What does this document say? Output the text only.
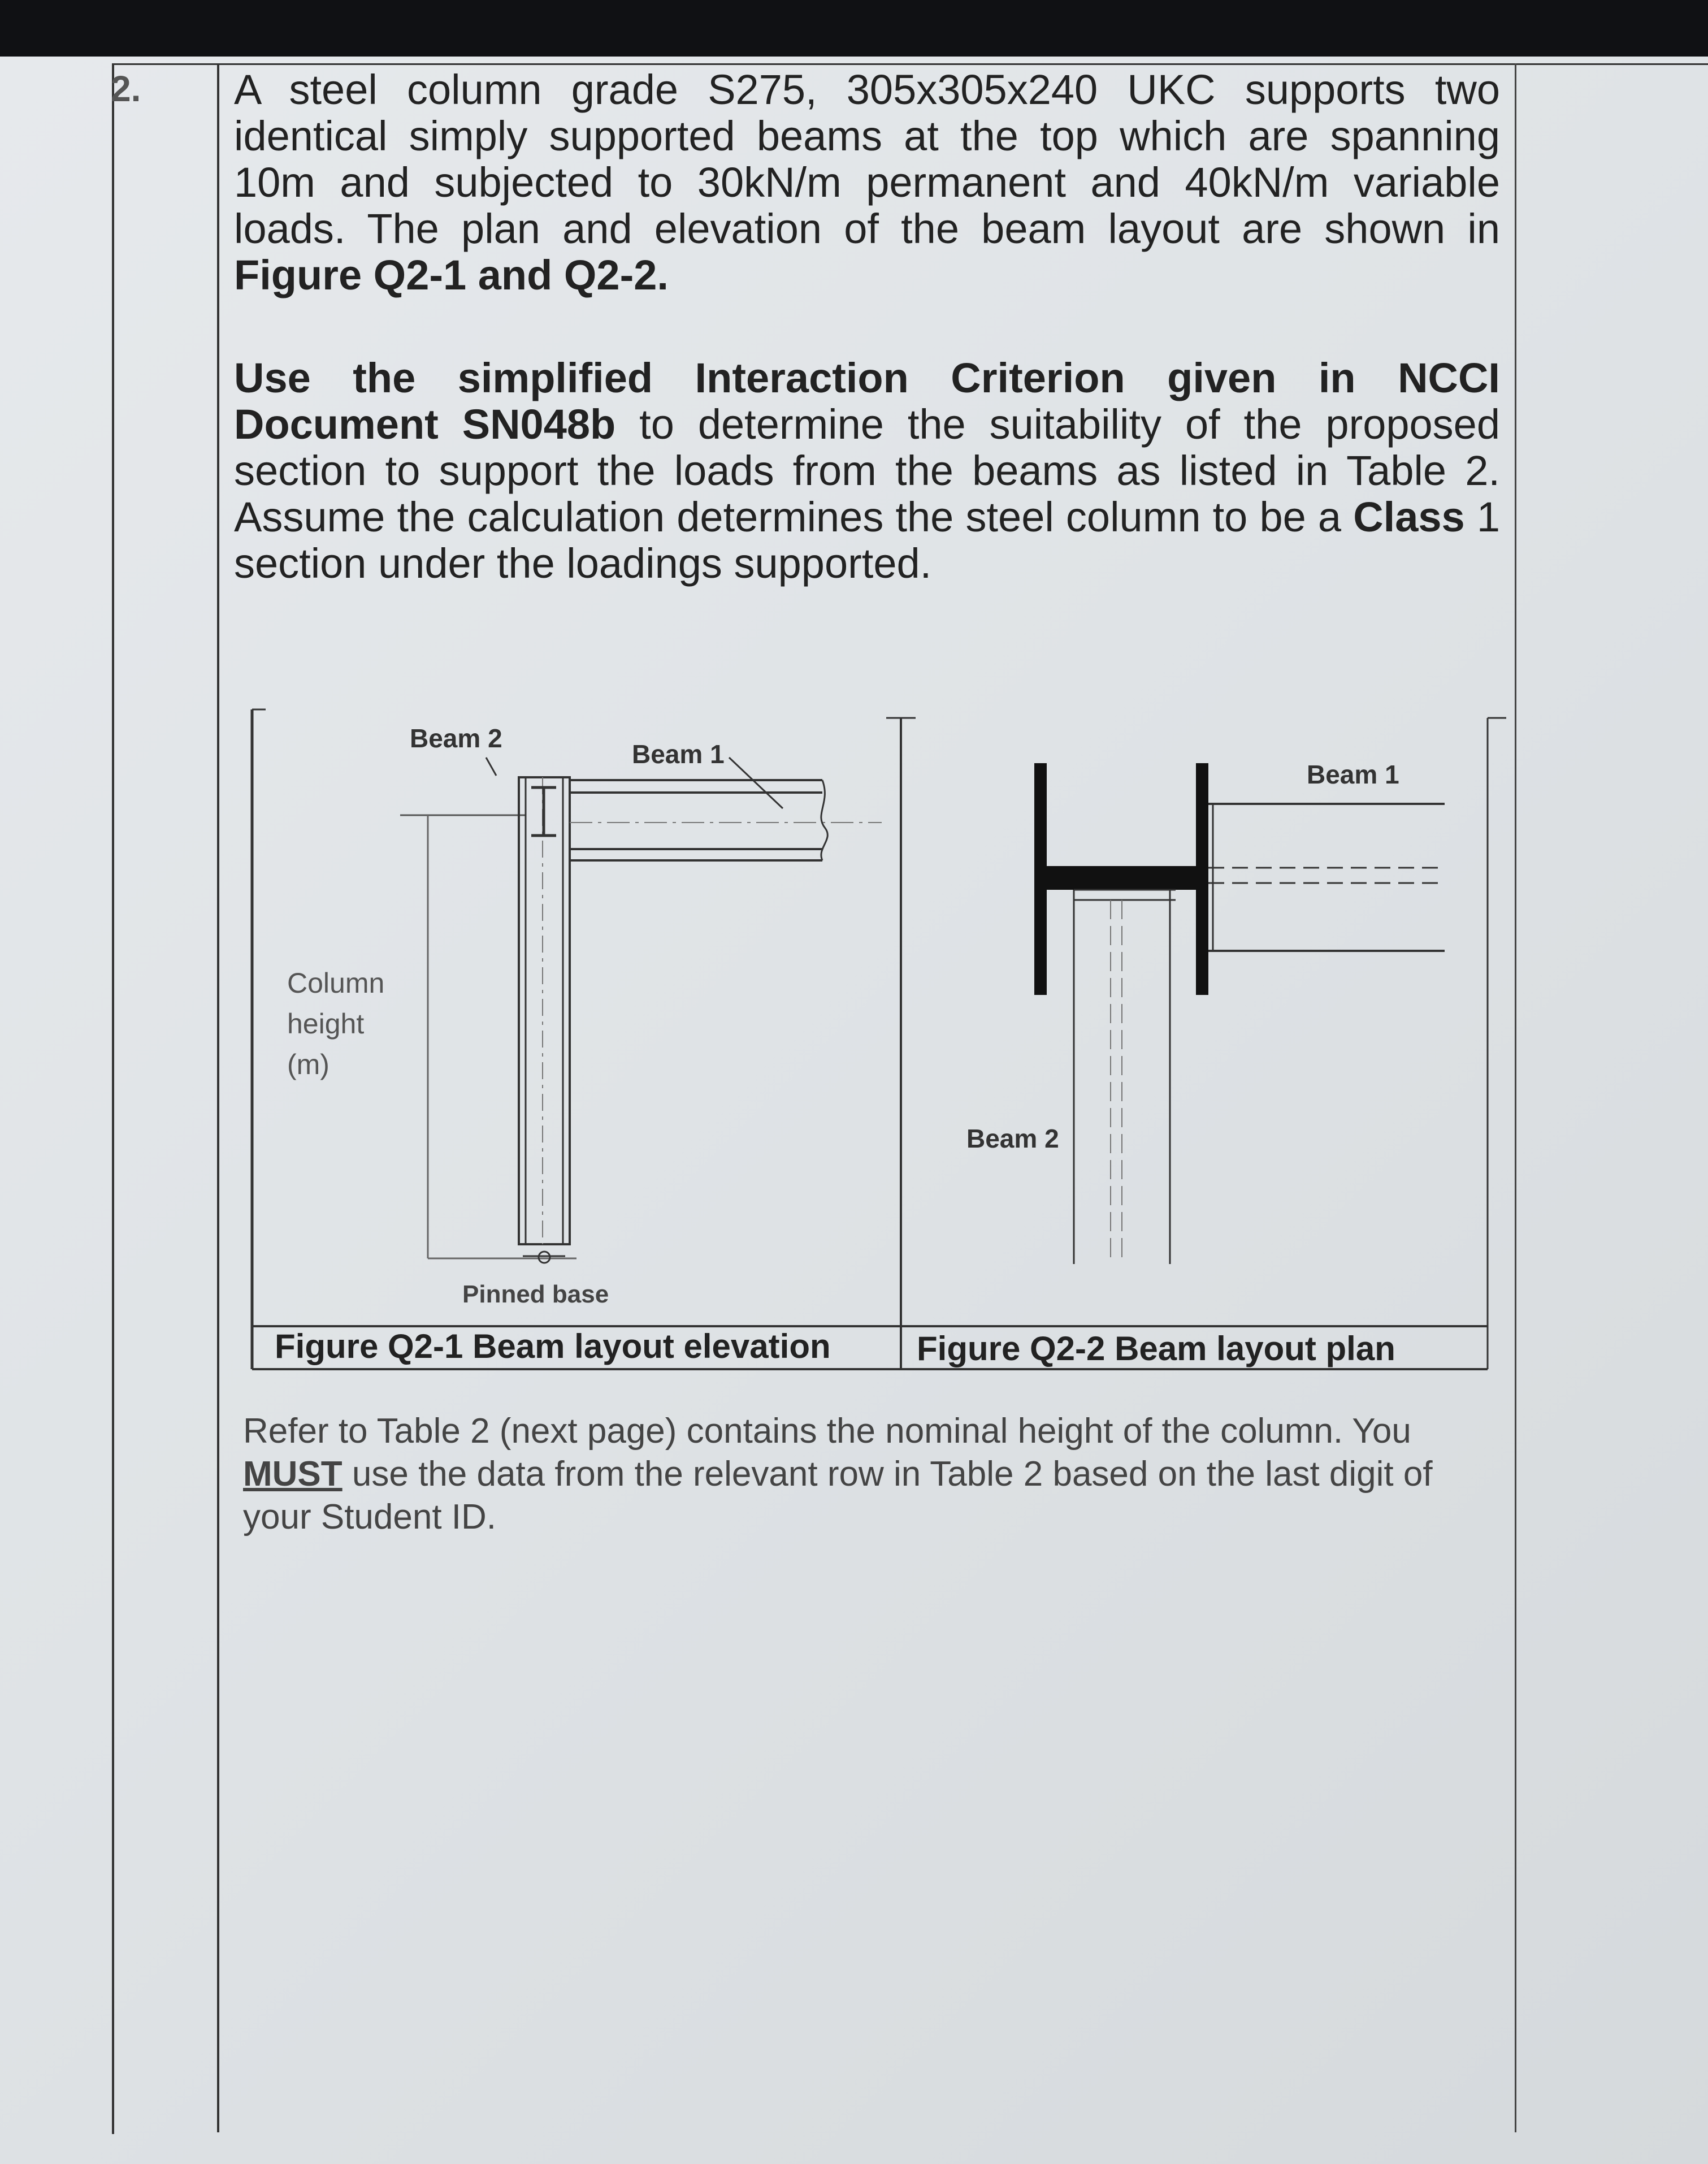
2. A steel column grade S275, 305x305x240 UKC supports two identical simply supported beams at the top which are spanning 10m and subjected to 30kN/m permanent and 40kN/m variable loads. The plan and elevation of the beam layout are shown in Figure Q2-1 and Q2-2.
Use the simplified Interaction Criterion given in NCCI Document SN048b to determine the suitability of the proposed section to support the loads from the beams as listed in Table 2. Assume the calculation determines the steel column to be a Class 1 section under the loadings supported.
Beam 2
Beam 1
Column
height
(m)
Pinned base
Figure Q2-1 Beam layout elevation
Beam 1
Beam 2
Figure Q2-2 Beam layout plan
Refer to Table 2 (next page) contains the nominal height of the column. You MUST use the data from the relevant row in Table 2 based on the last digit of your Student ID.
